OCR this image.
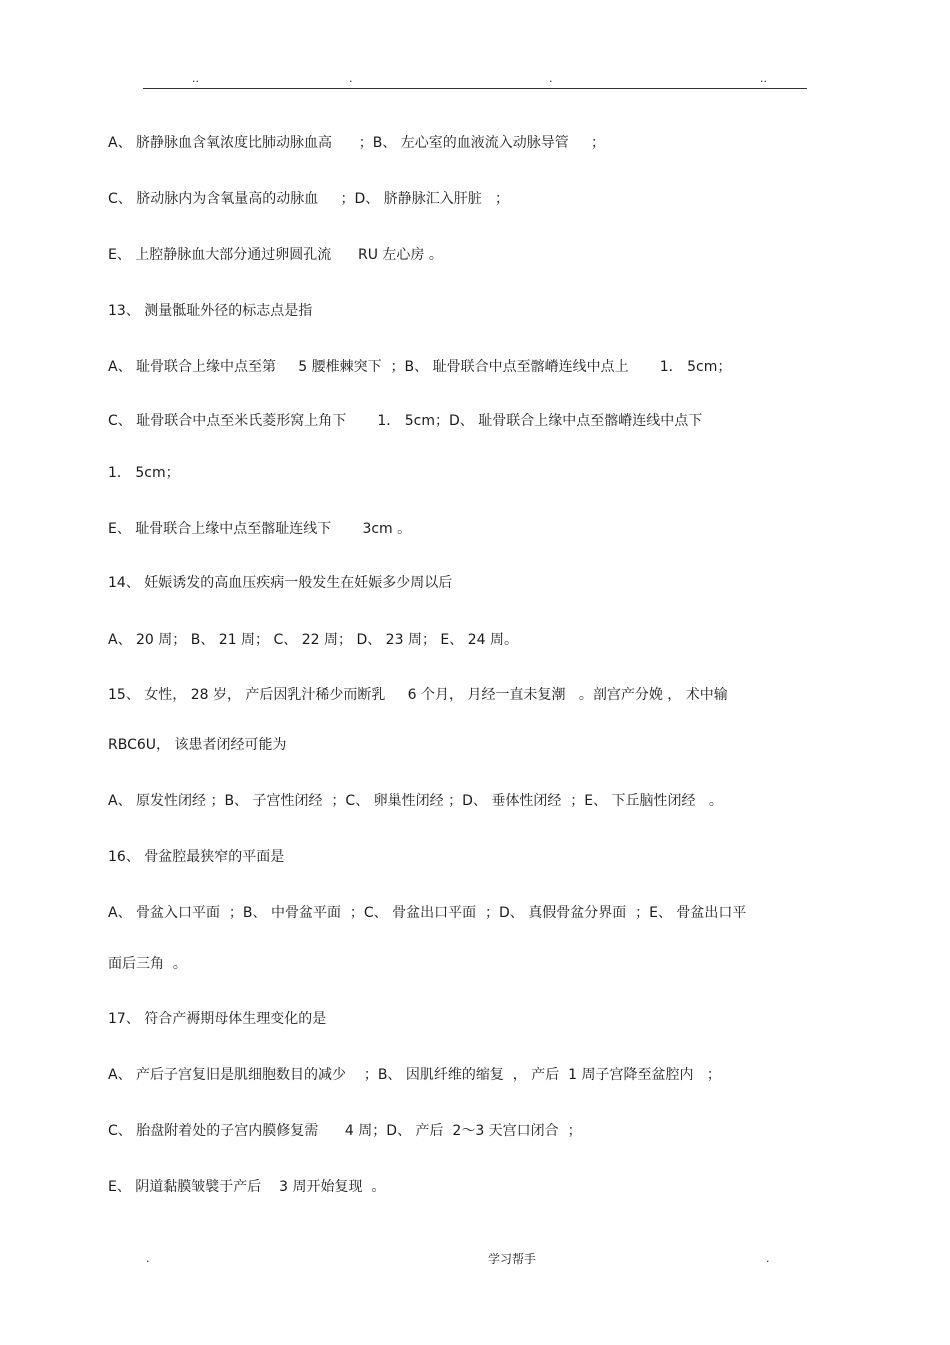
..	.	.	..
A、 脐静脉血含氧浓度比肺动脉血高      ；B、 左心室的血液流入动脉导管     ；
C、 脐动脉内为含氧量高的动脉血     ；D、 脐静脉汇入肝脏   ；
E、 上腔静脉血大部分通过卵圆孔流      RU 左心房 。
13、 测量骶耻外径的标志点是指
A、 耻骨联合上缘中点至第     5 腰椎棘突下  ；B、 耻骨联合中点至髂嵴连线中点上       1． 5cm；
C、 耻骨联合中点至米氏菱形窝上角下       1． 5cm；D、 耻骨联合上缘中点至髂嵴连线中点下
1． 5cm；
E、 耻骨联合上缘中点至髂耻连线下       3cm 。
14、 妊娠诱发的高血压疾病一般发生在妊娠多少周以后
A、 20 周； B、 21 周； C、 22 周； D、 23 周； E、 24 周。
15、 女性， 28 岁， 产后因乳汁稀少而断乳     6 个月， 月经一直未复潮   。剖宫产分娩 ， 术中输
RBC6U， 该患者闭经可能为
A、 原发性闭经 ；B、 子宫性闭经  ；C、 卵巢性闭经 ；D、 垂体性闭经  ；E、 下丘脑性闭经   。
16、 骨盆腔最狭窄的平面是
A、 骨盆入口平面  ；B、 中骨盆平面  ；C、 骨盆出口平面  ；D、 真假骨盆分界面  ；E、 骨盆出口平
面后三角  。
17、 符合产褥期母体生理变化的是
A、 产后子宫复旧是肌细胞数目的减少    ；B、 因肌纤维的缩复  ， 产后  1 周子宫降至盆腔内   ；
C、 胎盘附着处的子宫内膜修复需      4 周；D、 产后  2～3 天宫口闭合  ；
E、 阴道黏膜皱襞于产后    3 周开始复现  。
.	学习帮手	.
